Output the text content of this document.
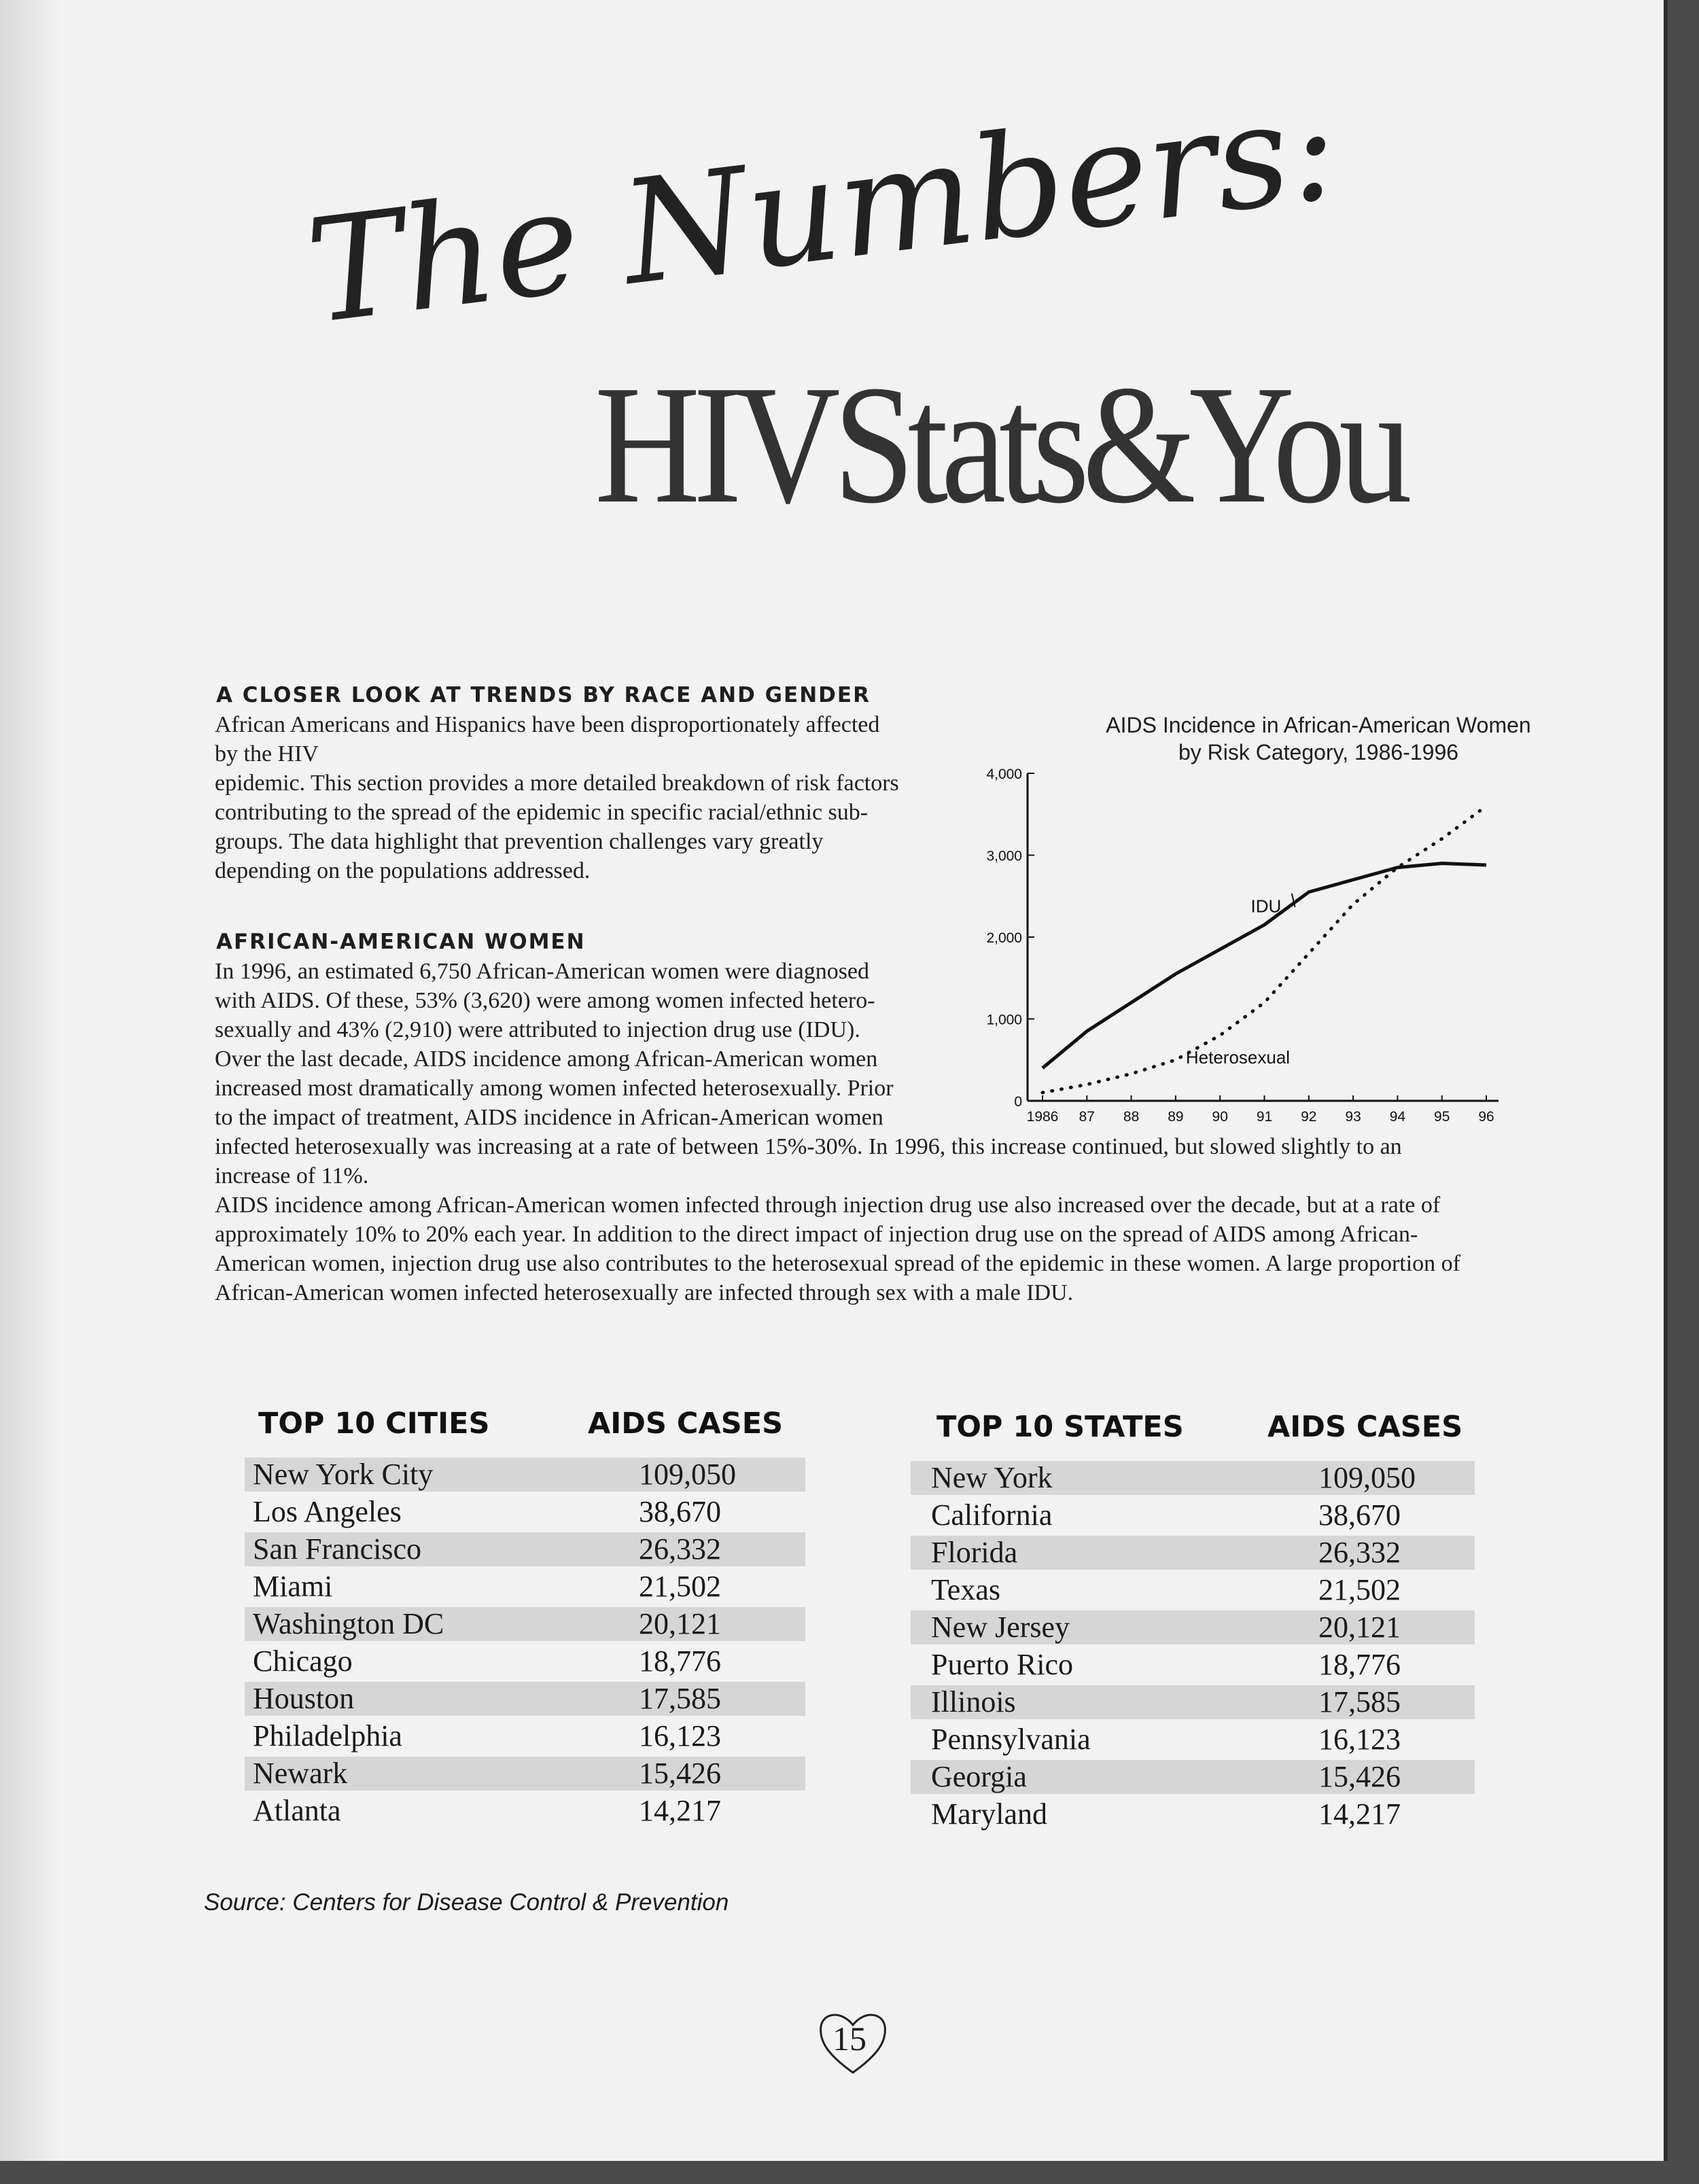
The Numbers:
HIVStats&You
A CLOSER LOOK AT TRENDS BY RACE AND GENDER
African Americans and Hispanics have been disproportionately affected
by the HIV
epidemic. This section provides a more detailed breakdown of risk factors
contributing to the spread of the epidemic in specific racial/ethnic sub-
groups. The data highlight that prevention challenges vary greatly
depending on the populations addressed.
AFRICAN-AMERICAN WOMEN
In 1996, an estimated 6,750 African-American women were diagnosed
with AIDS. Of these, 53% (3,620) were among women infected hetero-
sexually and 43% (2,910) were attributed to injection drug use (IDU).
Over the last decade, AIDS incidence among African-American women
increased most dramatically among women infected heterosexually. Prior
to the impact of treatment, AIDS incidence in African-American women
infected heterosexually was increasing at a rate of between 15%-30%. In 1996, this increase continued, but slowed slightly to an
increase of 11%.
AIDS incidence among African-American women infected through injection drug use also increased over the decade, but at a rate of
approximately 10% to 20% each year. In addition to the direct impact of injection drug use on the spread of AIDS among African-
American women, injection drug use also contributes to the heterosexual spread of the epidemic in these women. A large proportion of
African-American women infected heterosexually are infected through sex with a male IDU.
AIDS Incidence in African-American Women
by Risk Category, 1986-1996
0
1,000
2,000
3,000
4,000
1986 87 88 89 90 91 92 93 94 95 96
IDU
Heterosexual
TOP 10 CITIES	AIDS CASES
New York City	109,050
Los Angeles	38,670
San Francisco	26,332
Miami	21,502
Washington DC	20,121
Chicago	18,776
Houston	17,585
Philadelphia	16,123
Newark	15,426
Atlanta	14,217
TOP 10 STATES	AIDS CASES
New York	109,050
California	38,670
Florida	26,332
Texas	21,502
New Jersey	20,121
Puerto Rico	18,776
Illinois	17,585
Pennsylvania	16,123
Georgia	15,426
Maryland	14,217
Source: Centers for Disease Control & Prevention
15
